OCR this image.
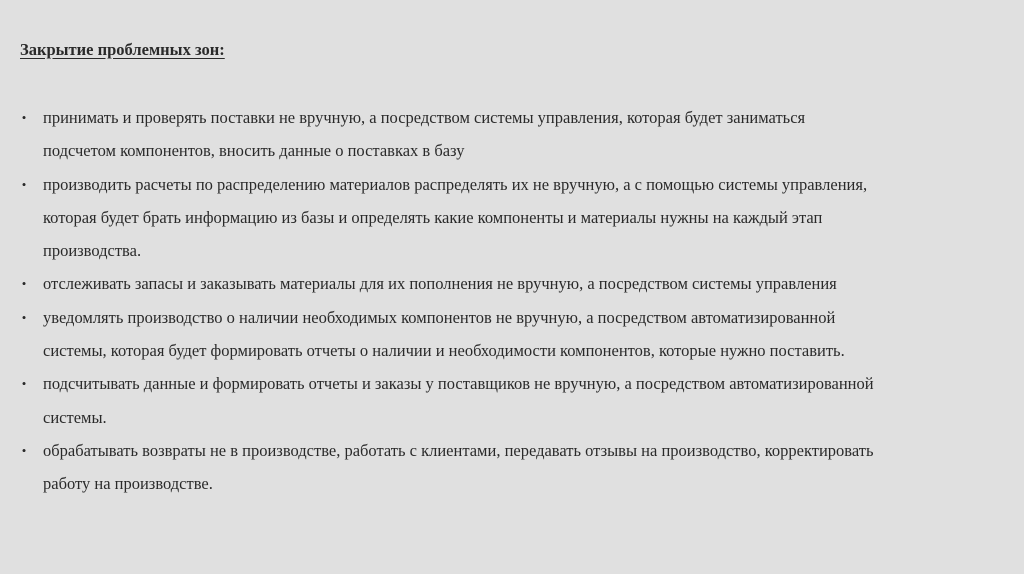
Закрытие проблемных зон:
• принимать и проверять поставки не вручную, а посредством системы управления, которая будет заниматься
подсчетом компонентов, вносить данные о поставках в базу
• производить расчеты по распределению материалов распределять их не вручную, а с помощью системы управления,
которая будет брать информацию из базы и определять какие компоненты и материалы нужны на каждый этап
производства.
• отслеживать запасы и заказывать материалы для их пополнения не вручную, а посредством системы управления
• уведомлять производство о наличии необходимых компонентов не вручную, а посредством автоматизированной
системы, которая будет формировать отчеты о наличии и необходимости компонентов, которые нужно поставить.
• подсчитывать данные и формировать отчеты и заказы у поставщиков не вручную, а посредством автоматизированной
системы.
• обрабатывать возвраты не в производстве, работать с клиентами, передавать отзывы на производство, корректировать
работу на производстве.
